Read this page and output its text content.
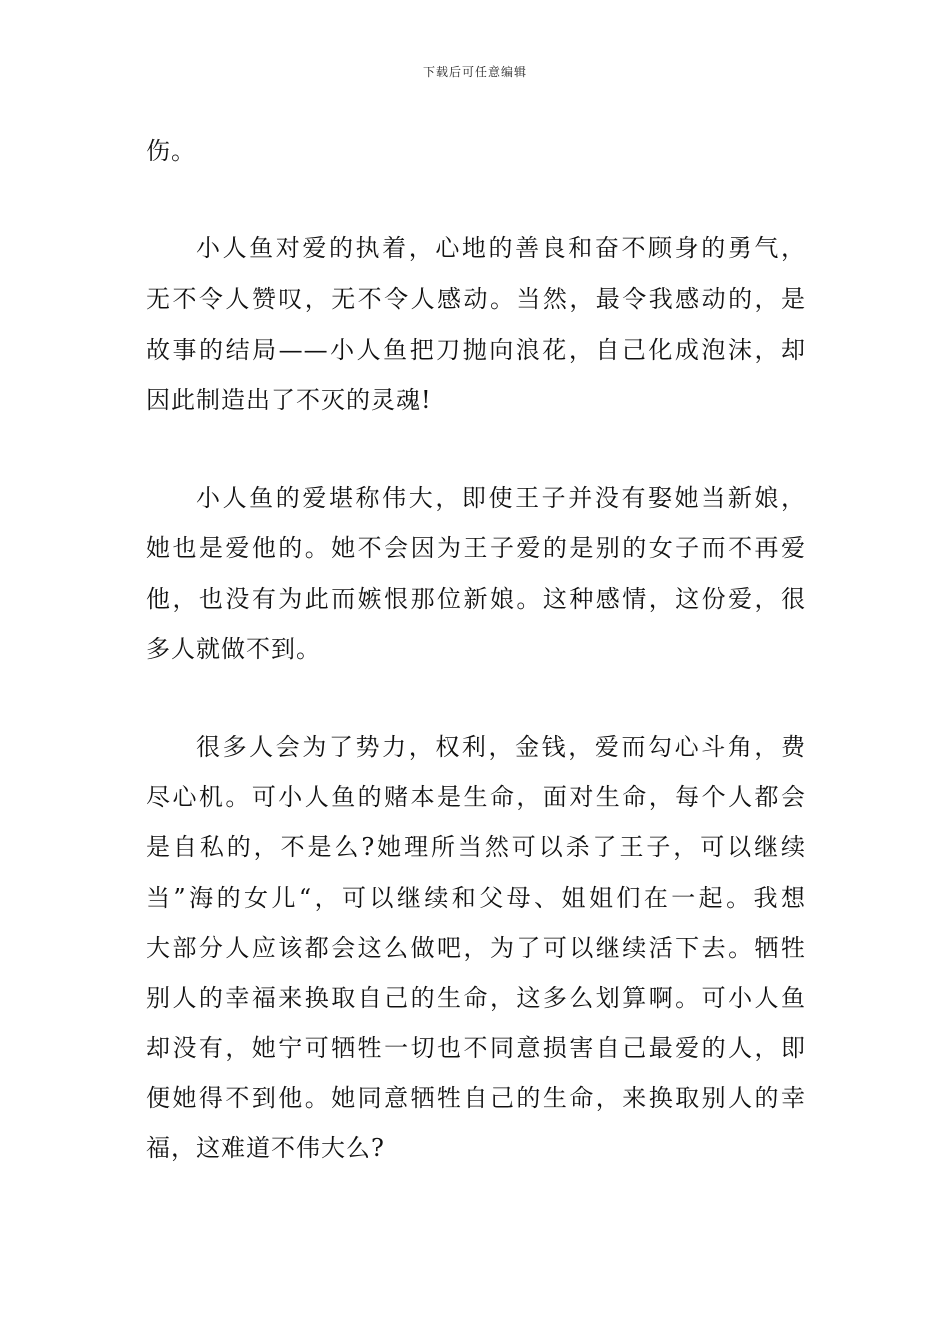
下载后可任意编辑
伤。
小人鱼对爱的执着，心地的善良和奋不顾身的勇气，
无不令人赞叹，无不令人感动。当然，最令我感动的，是
故事的结局——小人鱼把刀抛向浪花，自己化成泡沫，却
因此制造出了不灭的灵魂!
小人鱼的爱堪称伟大，即使王子并没有娶她当新娘，
她也是爱他的。她不会因为王子爱的是别的女子而不再爱
他，也没有为此而嫉恨那位新娘。这种感情，这份爱，很
多人就做不到。
很多人会为了势力，权利，金钱，爱而勾心斗角，费
尽心机。可小人鱼的赌本是生命，面对生命，每个人都会
是自私的，不是么?她理所当然可以杀了王子，可以继续
当”海的女儿“，可以继续和父母、姐姐们在一起。我想
大部分人应该都会这么做吧，为了可以继续活下去。牺牲
别人的幸福来换取自己的生命，这多么划算啊。可小人鱼
却没有，她宁可牺牲一切也不同意损害自己最爱的人，即
便她得不到他。她同意牺牲自己的生命，来换取别人的幸
福，这难道不伟大么?
